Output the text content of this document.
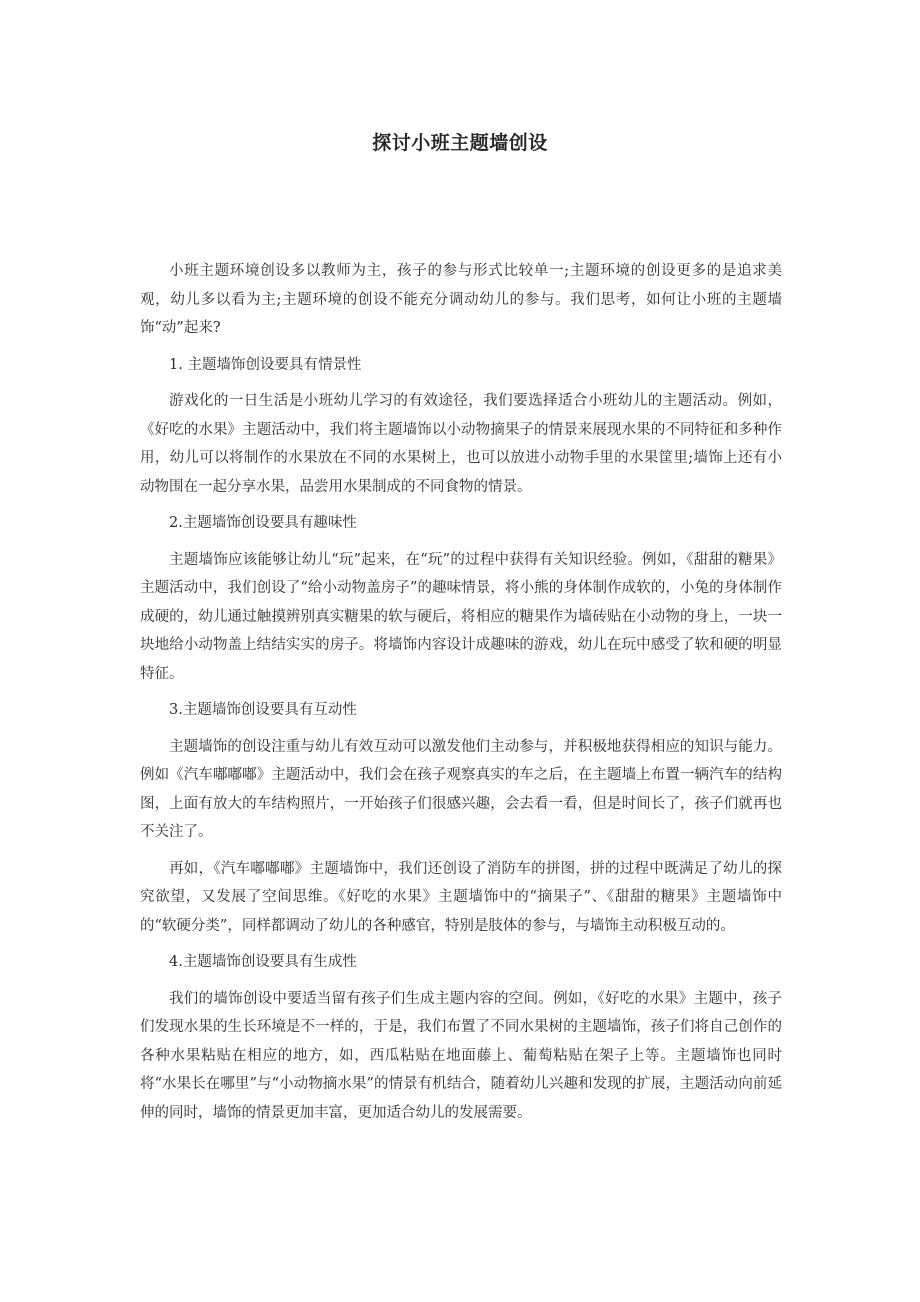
探讨小班主题墙创设

小班主题环境创设多以教师为主，孩子的参与形式比较单一;主题环境的创设更多的是追求美观，幼儿多以看为主;主题环境的创设不能充分调动幼儿的参与。我们思考，如何让小班的主题墙饰“动”起来?

1. 主题墙饰创设要具有情景性

游戏化的一日生活是小班幼儿学习的有效途径，我们要选择适合小班幼儿的主题活动。例如，《好吃的水果》主题活动中，我们将主题墙饰以小动物摘果子的情景来展现水果的不同特征和多种作用，幼儿可以将制作的水果放在不同的水果树上，也可以放进小动物手里的水果筐里;墙饰上还有小动物围在一起分享水果，品尝用水果制成的不同食物的情景。

2.主题墙饰创设要具有趣味性

主题墙饰应该能够让幼儿“玩”起来，在“玩”的过程中获得有关知识经验。例如，《甜甜的糖果》主题活动中，我们创设了“给小动物盖房子”的趣味情景，将小熊的身体制作成软的，小兔的身体制作成硬的，幼儿通过触摸辨别真实糖果的软与硬后，将相应的糖果作为墙砖贴在小动物的身上，一块一块地给小动物盖上结结实实的房子。将墙饰内容设计成趣味的游戏，幼儿在玩中感受了软和硬的明显特征。

3.主题墙饰创设要具有互动性

主题墙饰的创设注重与幼儿有效互动可以激发他们主动参与，并积极地获得相应的知识与能力。例如《汽车嘟嘟嘟》主题活动中，我们会在孩子观察真实的车之后，在主题墙上布置一辆汽车的结构图，上面有放大的车结构照片，一开始孩子们很感兴趣，会去看一看，但是时间长了，孩子们就再也不关注了。

再如，《汽车嘟嘟嘟》主题墙饰中，我们还创设了消防车的拼图，拼的过程中既满足了幼儿的探究欲望，又发展了空间思维。《好吃的水果》主题墙饰中的“摘果子”、《甜甜的糖果》主题墙饰中的“软硬分类”，同样都调动了幼儿的各种感官，特别是肢体的参与，与墙饰主动积极互动的。

4.主题墙饰创设要具有生成性

我们的墙饰创设中要适当留有孩子们生成主题内容的空间。例如，《好吃的水果》主题中，孩子们发现水果的生长环境是不一样的，于是，我们布置了不同水果树的主题墙饰，孩子们将自己创作的各种水果粘贴在相应的地方，如，西瓜粘贴在地面藤上、葡萄粘贴在架子上等。主题墙饰也同时将“水果长在哪里”与“小动物摘水果”的情景有机结合，随着幼儿兴趣和发现的扩展，主题活动向前延伸的同时，墙饰的情景更加丰富，更加适合幼儿的发展需要。
